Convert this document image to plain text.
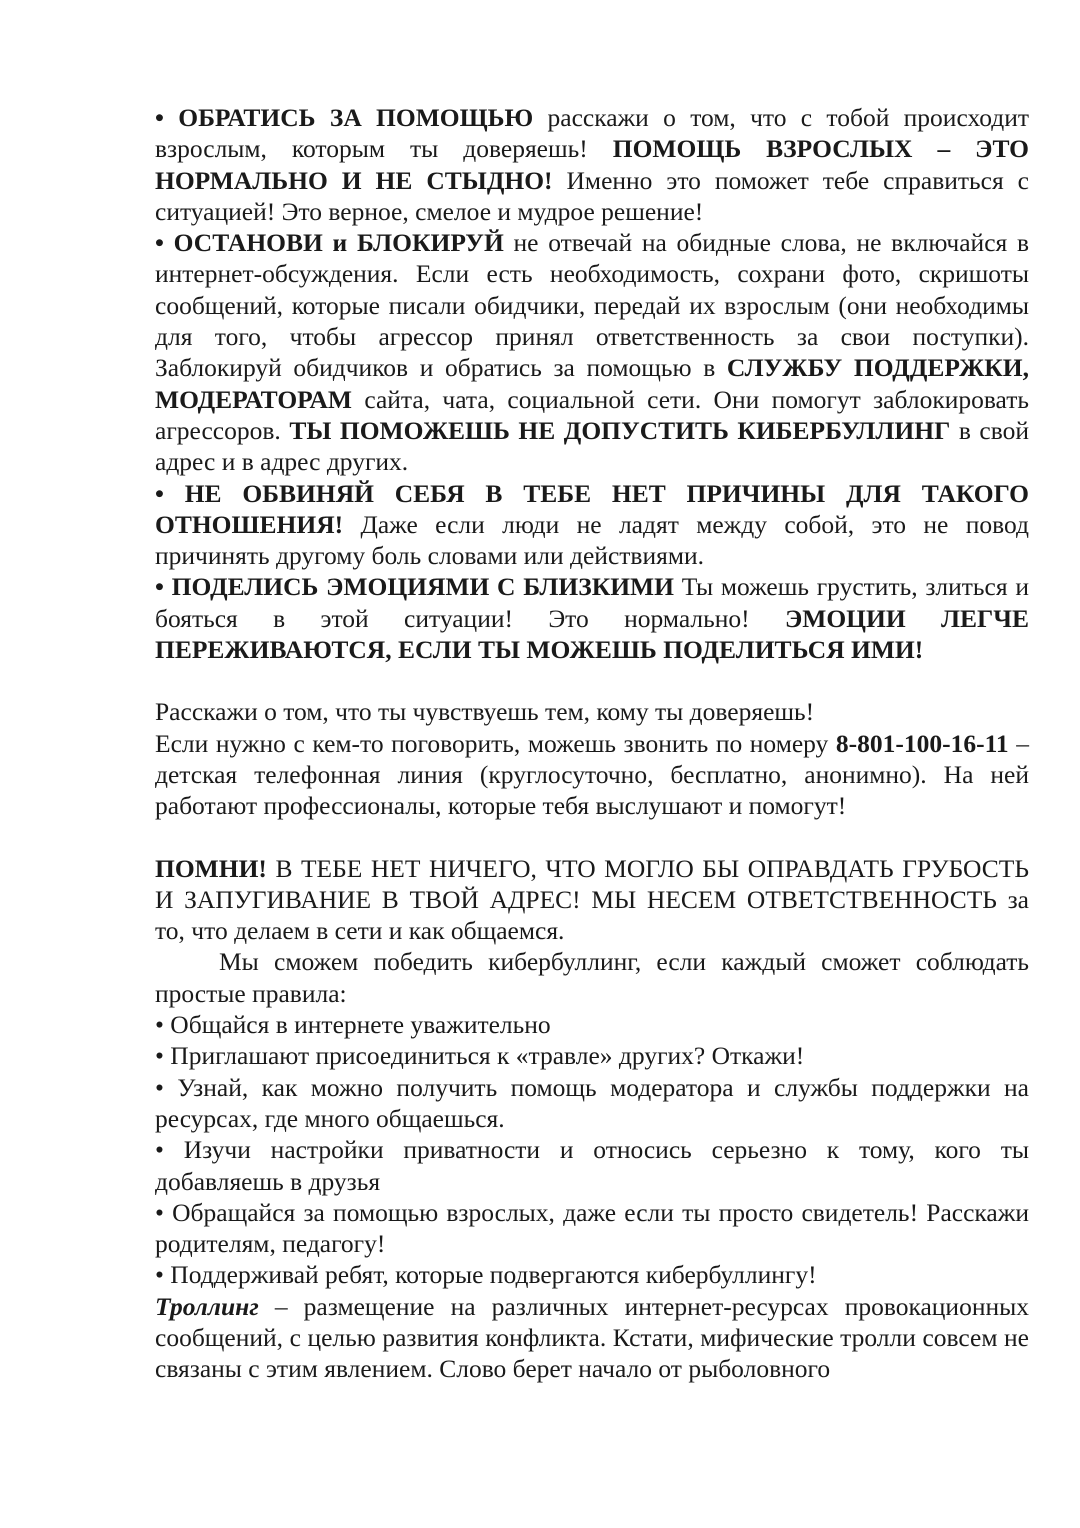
• ОБРАТИСЬ ЗА ПОМОЩЬЮ расскажи о том, что с тобой происходит взрослым, которым ты доверяешь! ПОМОЩЬ ВЗРОСЛЫХ – ЭТО НОРМАЛЬНО И НЕ СТЫДНО! Именно это поможет тебе справиться с ситуацией! Это верное, смелое и мудрое решение!

• ОСТАНОВИ и БЛОКИРУЙ не отвечай на обидные слова, не включайся в интернет-обсуждения. Если есть необходимость, сохрани фото, скришоты сообщений, которые писали обидчики, передай их взрослым (они необходимы для того, чтобы агрессор принял ответственность за свои поступки). Заблокируй обидчиков и обратись за помощью в СЛУЖБУ ПОДДЕРЖКИ, МОДЕРАТОРАМ сайта, чата, социальной сети. Они помогут заблокировать агрессоров. ТЫ ПОМОЖЕШЬ НЕ ДОПУСТИТЬ КИБЕРБУЛЛИНГ в свой адрес и в адрес других.

• НЕ ОБВИНЯЙ СЕБЯ В ТЕБЕ НЕТ ПРИЧИНЫ ДЛЯ ТАКОГО ОТНОШЕНИЯ! Даже если люди не ладят между собой, это не повод причинять другому боль словами или действиями.

• ПОДЕЛИСЬ ЭМОЦИЯМИ С БЛИЗКИМИ Ты можешь грустить, злиться и бояться в этой ситуации! Это нормально! ЭМОЦИИ ЛЕГЧЕ ПЕРЕЖИВАЮТСЯ, ЕСЛИ ТЫ МОЖЕШЬ ПОДЕЛИТЬСЯ ИМИ!

Расскажи о том, что ты чувствуешь тем, кому ты доверяешь!

Если нужно с кем-то поговорить, можешь звонить по номеру 8-801-100-16-11 – детская телефонная линия (круглосуточно, бесплатно, анонимно). На ней работают профессионалы, которые тебя выслушают и помогут!

ПОМНИ! В ТЕБЕ НЕТ НИЧЕГО, ЧТО МОГЛО БЫ ОПРАВДАТЬ ГРУБОСТЬ И ЗАПУГИВАНИЕ В ТВОЙ АДРЕС! МЫ НЕСЕМ ОТВЕТСТВЕННОСТЬ за то, что делаем в сети и как общаемся.

Мы сможем победить кибербуллинг, если каждый сможет соблюдать простые правила:

• Общайся в интернете уважительно

• Приглашают присоединиться к «травле» других? Откажи!

• Узнай, как можно получить помощь модератора и службы поддержки на ресурсах, где много общаешься.

• Изучи настройки приватности и относись серьезно к тому, кого ты добавляешь в друзья

• Обращайся за помощью взрослых, даже если ты просто свидетель! Расскажи родителям, педагогу!

• Поддерживай ребят, которые подвергаются кибербуллингу!

Троллинг – размещение на различных интернет-ресурсах провокационных сообщений, с целью развития конфликта. Кстати, мифические тролли совсем не связаны с этим явлением. Слово берет начало от рыболовного
